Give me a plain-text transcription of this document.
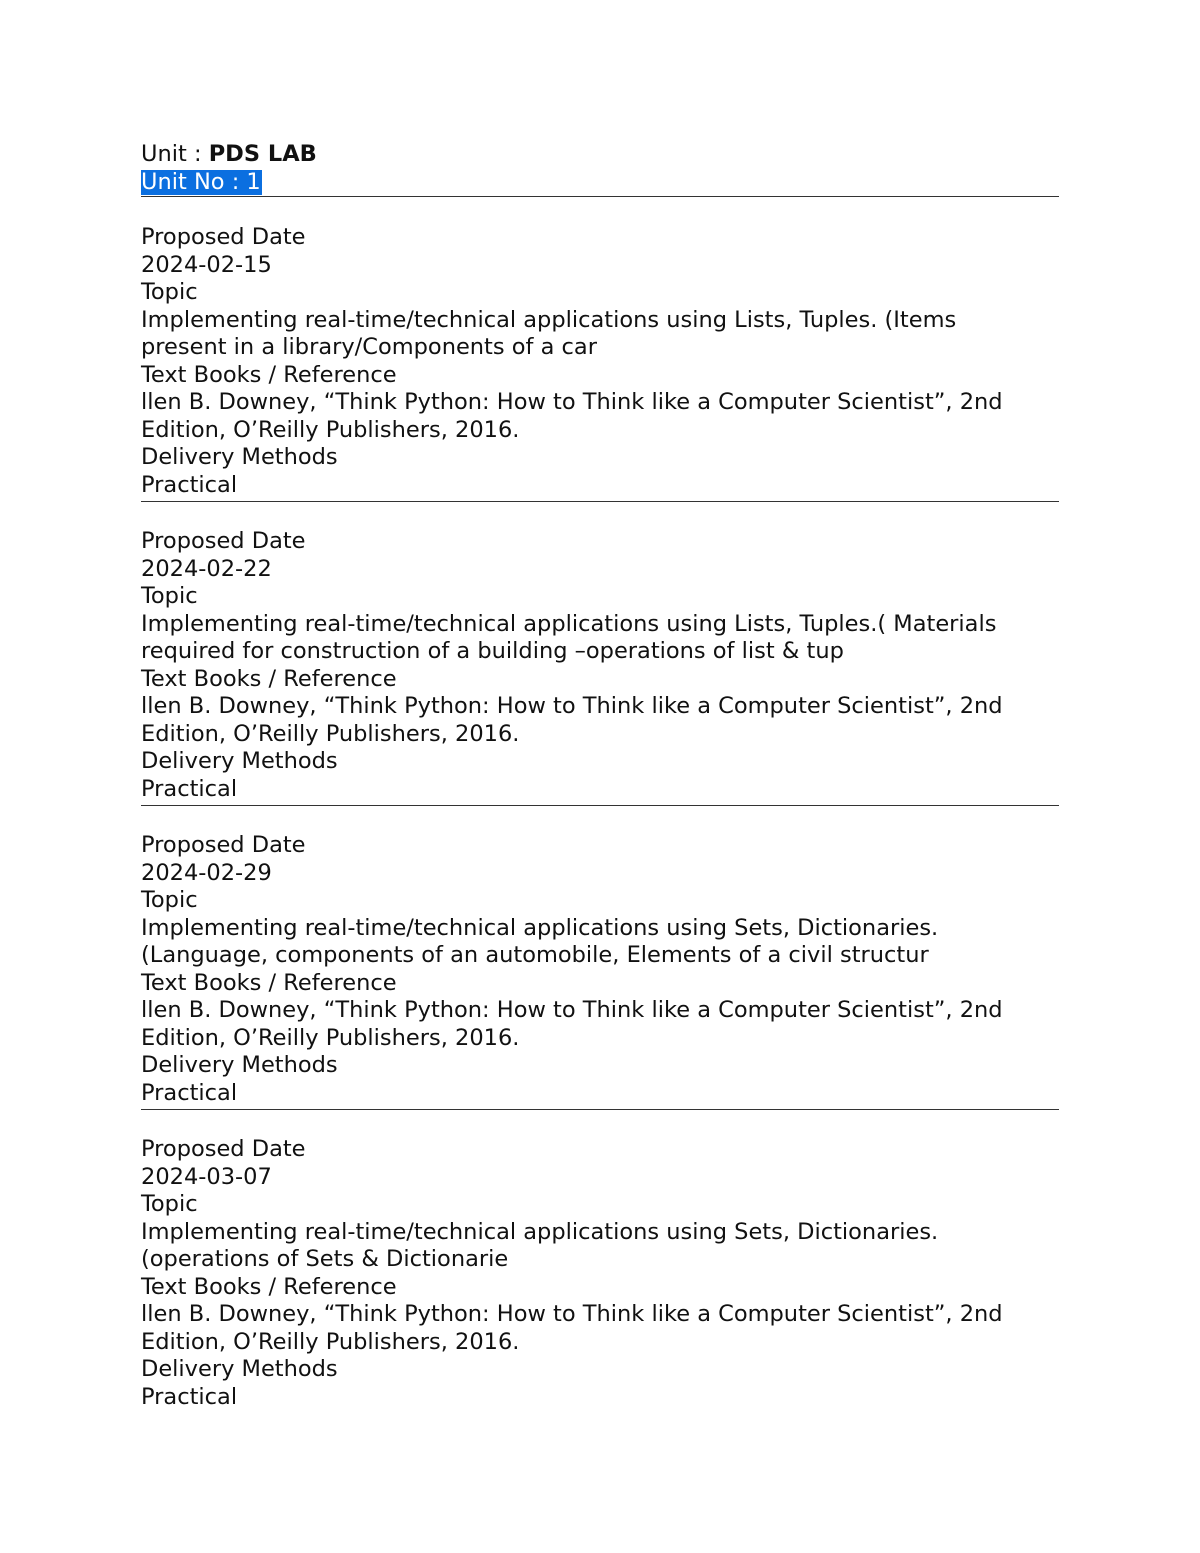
Unit : PDS LAB
Unit No : 1
Proposed Date
2024-02-15
Topic
Implementing real-time/technical applications using Lists, Tuples. (Items
present in a library/Components of a car
Text Books / Reference
llen B. Downey, “Think Python: How to Think like a Computer Scientist”, 2nd
Edition, O’Reilly Publishers, 2016.
Delivery Methods
Practical
Proposed Date
2024-02-22
Topic
Implementing real-time/technical applications using Lists, Tuples.( Materials
required for construction of a building –operations of list & tup
Text Books / Reference
llen B. Downey, “Think Python: How to Think like a Computer Scientist”, 2nd
Edition, O’Reilly Publishers, 2016.
Delivery Methods
Practical
Proposed Date
2024-02-29
Topic
Implementing real-time/technical applications using Sets, Dictionaries.
(Language, components of an automobile, Elements of a civil structur
Text Books / Reference
llen B. Downey, “Think Python: How to Think like a Computer Scientist”, 2nd
Edition, O’Reilly Publishers, 2016.
Delivery Methods
Practical
Proposed Date
2024-03-07
Topic
Implementing real-time/technical applications using Sets, Dictionaries.
(operations of Sets & Dictionarie
Text Books / Reference
llen B. Downey, “Think Python: How to Think like a Computer Scientist”, 2nd
Edition, O’Reilly Publishers, 2016.
Delivery Methods
Practical
